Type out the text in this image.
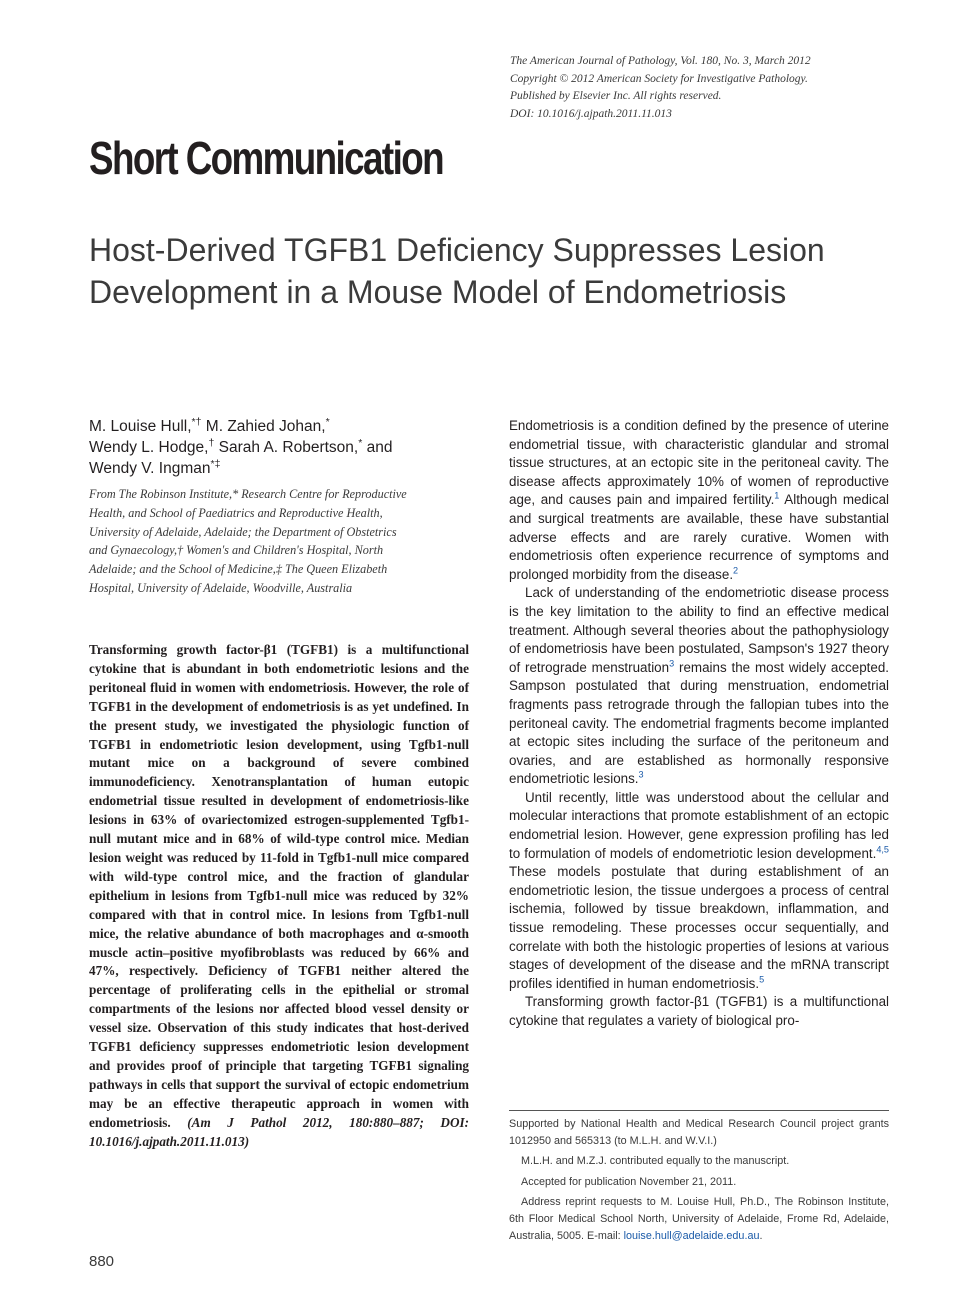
The American Journal of Pathology, Vol. 180, No. 3, March 2012
Copyright © 2012 American Society for Investigative Pathology.
Published by Elsevier Inc. All rights reserved.
DOI: 10.1016/j.ajpath.2011.11.013
Short Communication
Host-Derived TGFB1 Deficiency Suppresses Lesion
Development in a Mouse Model of Endometriosis
M. Louise Hull,*† M. Zahied Johan,*
Wendy L. Hodge,† Sarah A. Robertson,* and
Wendy V. Ingman*‡
From The Robinson Institute,* Research Centre for Reproductive
Health, and School of Paediatrics and Reproductive Health,
University of Adelaide, Adelaide; the Department of Obstetrics
and Gynaecology,† Women's and Children's Hospital, North
Adelaide; and the School of Medicine,‡ The Queen Elizabeth
Hospital, University of Adelaide, Woodville, Australia

Transforming growth factor-β1 (TGFB1) is a multifunctional cytokine that is abundant in both endometriotic lesions and the peritoneal fluid in women with endometriosis. However, the role of TGFB1 in the development of endometriosis is as yet undefined. In the present study, we investigated the physiologic function of TGFB1 in endometriotic lesion development, using Tgfb1-null mutant mice on a background of severe combined immunodeficiency. Xenotransplantation of human eutopic endometrial tissue resulted in development of endometriosis-like lesions in 63% of ovariectomized estrogen-supplemented Tgfb1-null mutant mice and in 68% of wild-type control mice. Median lesion weight was reduced by 11-fold in Tgfb1-null mice compared with wild-type control mice, and the fraction of glandular epithelium in lesions from Tgfb1-null mice was reduced by 32% compared with that in control mice. In lesions from Tgfb1-null mice, the relative abundance of both macrophages and α-smooth muscle actin–positive myofibroblasts was reduced by 66% and 47%, respectively. Deficiency of TGFB1 neither altered the percentage of proliferating cells in the epithelial or stromal compartments of the lesions nor affected blood vessel density or vessel size. Observation of this study indicates that host-derived TGFB1 deficiency suppresses endometriotic lesion development and provides proof of principle that targeting TGFB1 signaling pathways in cells that support the survival of ectopic endometrium may be an effective therapeutic approach in women with endometriosis. (Am J Pathol 2012, 180:880–887; DOI: 10.1016/j.ajpath.2011.11.013)

Endometriosis is a condition defined by the presence of uterine endometrial tissue, with characteristic glandular and stromal tissue structures, at an ectopic site in the peritoneal cavity. The disease affects approximately 10% of women of reproductive age, and causes pain and impaired fertility.$^1$ Although medical and surgical treatments are available, these have substantial adverse effects and are rarely curative. Women with endometriosis often experience recurrence of symptoms and prolonged morbidity from the disease.$^2$

Lack of understanding of the endometriotic disease process is the key limitation to the ability to find an effective medical treatment. Although several theories about the pathophysiology of endometriosis have been postulated, Sampson's 1927 theory of retrograde menstruation$^3$ remains the most widely accepted. Sampson postulated that during menstruation, endometrial fragments pass retrograde through the fallopian tubes into the peritoneal cavity. The endometrial fragments become implanted at ectopic sites including the surface of the peritoneum and ovaries, and are established as hormonally responsive endometriotic lesions.$^3$

Until recently, little was understood about the cellular and molecular interactions that promote establishment of an ectopic endometrial lesion. However, gene expression profiling has led to formulation of models of endometriotic lesion development.$^{4,5}$ These models postulate that during establishment of an endometriotic lesion, the tissue undergoes a process of central ischemia, followed by tissue breakdown, inflammation, and tissue remodeling. These processes occur sequentially, and correlate with both the histologic properties of lesions at various stages of development of the disease and the mRNA transcript profiles identified in human endometriosis.$^5$

Transforming growth factor-β1 (TGFB1) is a multifunctional cytokine that regulates a variety of biological pro-

Supported by National Health and Medical Research Council project grants 1012950 and 565313 (to M.L.H. and W.V.I.)

M.L.H. and M.Z.J. contributed equally to the manuscript.

Accepted for publication November 21, 2011.

Address reprint requests to M. Louise Hull, Ph.D., The Robinson Institute, 6th Floor Medical School North, University of Adelaide, Frome Rd, Adelaide, Australia, 5005. E-mail: louise.hull@adelaide.edu.au.

880
